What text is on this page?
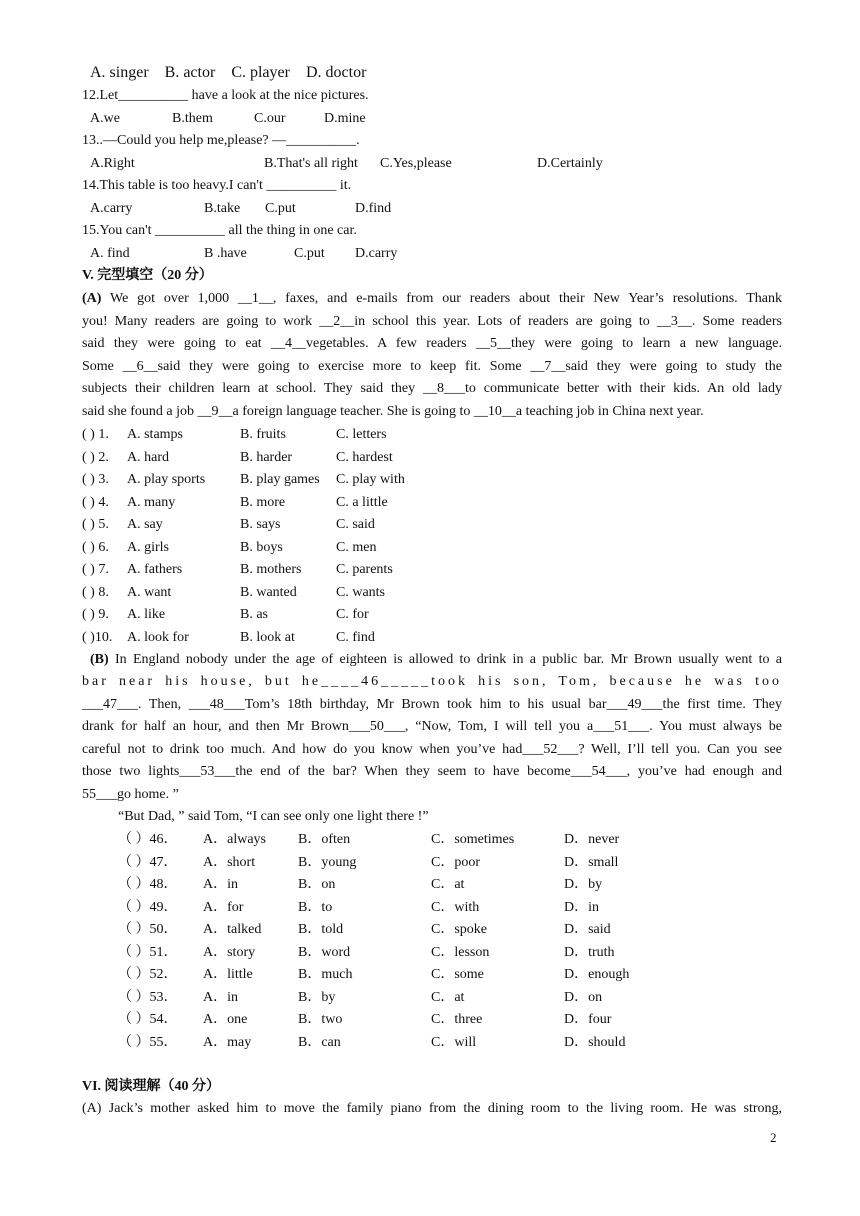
A. singer B. actor C. player D. doctor
12.Let__________ have a look at the nice pictures.
A.we	B.them	C.our	D.mine
13..—Could you help me,please? —__________.
A.Right	B.That's all right C.Yes,please	D.Certainly
14.This table is too heavy.I can't __________ it.
A.carry	B.take C.put	D.find
15.You can't __________ all the thing in one car.
A. find	B .have	C.put D.carry
V. 完型填空（20 分）
(A) We got over 1,000 __1__, faxes, and e-mails from our readers about their New Year’s resolutions. Thank
you! Many readers are going to work __2__in school this year. Lots of readers are going to __3__. Some readers
said they were going to eat __4__vegetables. A few readers __5__they were going to learn a new language.
Some __6__said they were going to exercise more to keep fit. Some __7__said they were going to study the
subjects their children learn at school. They said they __8___to communicate better with their kids. An old lady
said she found a job __9__a foreign language teacher. She is going to __10__a teaching job in China next year.
( ) 1. A. stamps	B. fruits	C. letters
( ) 2. A. hard	B. harder	C. hardest
( ) 3. A. play sports B. play games C. play with
( ) 4. A. many	B. more	C. a little
( ) 5. A. say	B. says	C. said
( ) 6. A. girls	B. boys	C. men
( ) 7. A. fathers	B. mothers C. parents
( ) 8. A. want	B. wanted	C. wants
( ) 9. A. like	B. as	C. for
( )10. A. look for	B. look at	C. find
(B) In England nobody under the age of eighteen is allowed to drink in a public bar. Mr Brown usually went to a
bar near his house, but he____46_____took his son, Tom, because he was too
___47___. Then, ___48___Tom’s 18th birthday, Mr Brown took him to his usual bar___49___the first time. They
drank for half an hour, and then Mr Brown___50___, “Now, Tom, I will tell you a___51___. You must always be
careful not to drink too much. And how do you know when you’ve had___52___? Well, I’ll tell you. Can you see
those two lights___53___the end of the bar? When they seem to have become___54___, you’ve had enough and
55___go home. ”
“But Dad, ” said Tom, “I can see only one light there !”
（ ）46． A．always B．often	C．sometimes	D．never
（ ）47． A．short	B．young	C．poor	D．small
（ ）48． A．in	B．on	C．at	D．by
（ ）49． A．for	B．to	C．with	D．in
（ ）50． A．talked	B．told	C．spoke	D．said
（ ）51． A．story	B．word	C．lesson	D．truth
（ ）52． A．little	B．much	C．some	D．enough
（ ）53． A．in	B．by	C．at	D．on
（ ）54． A．one	B．two	C．three	D．four
（ ）55． A．may	B．can	C．will	D．should
VI. 阅读理解（40 分）
(A) Jack’s mother asked him to move the family piano from the dining room to the living room. He was strong,
2
